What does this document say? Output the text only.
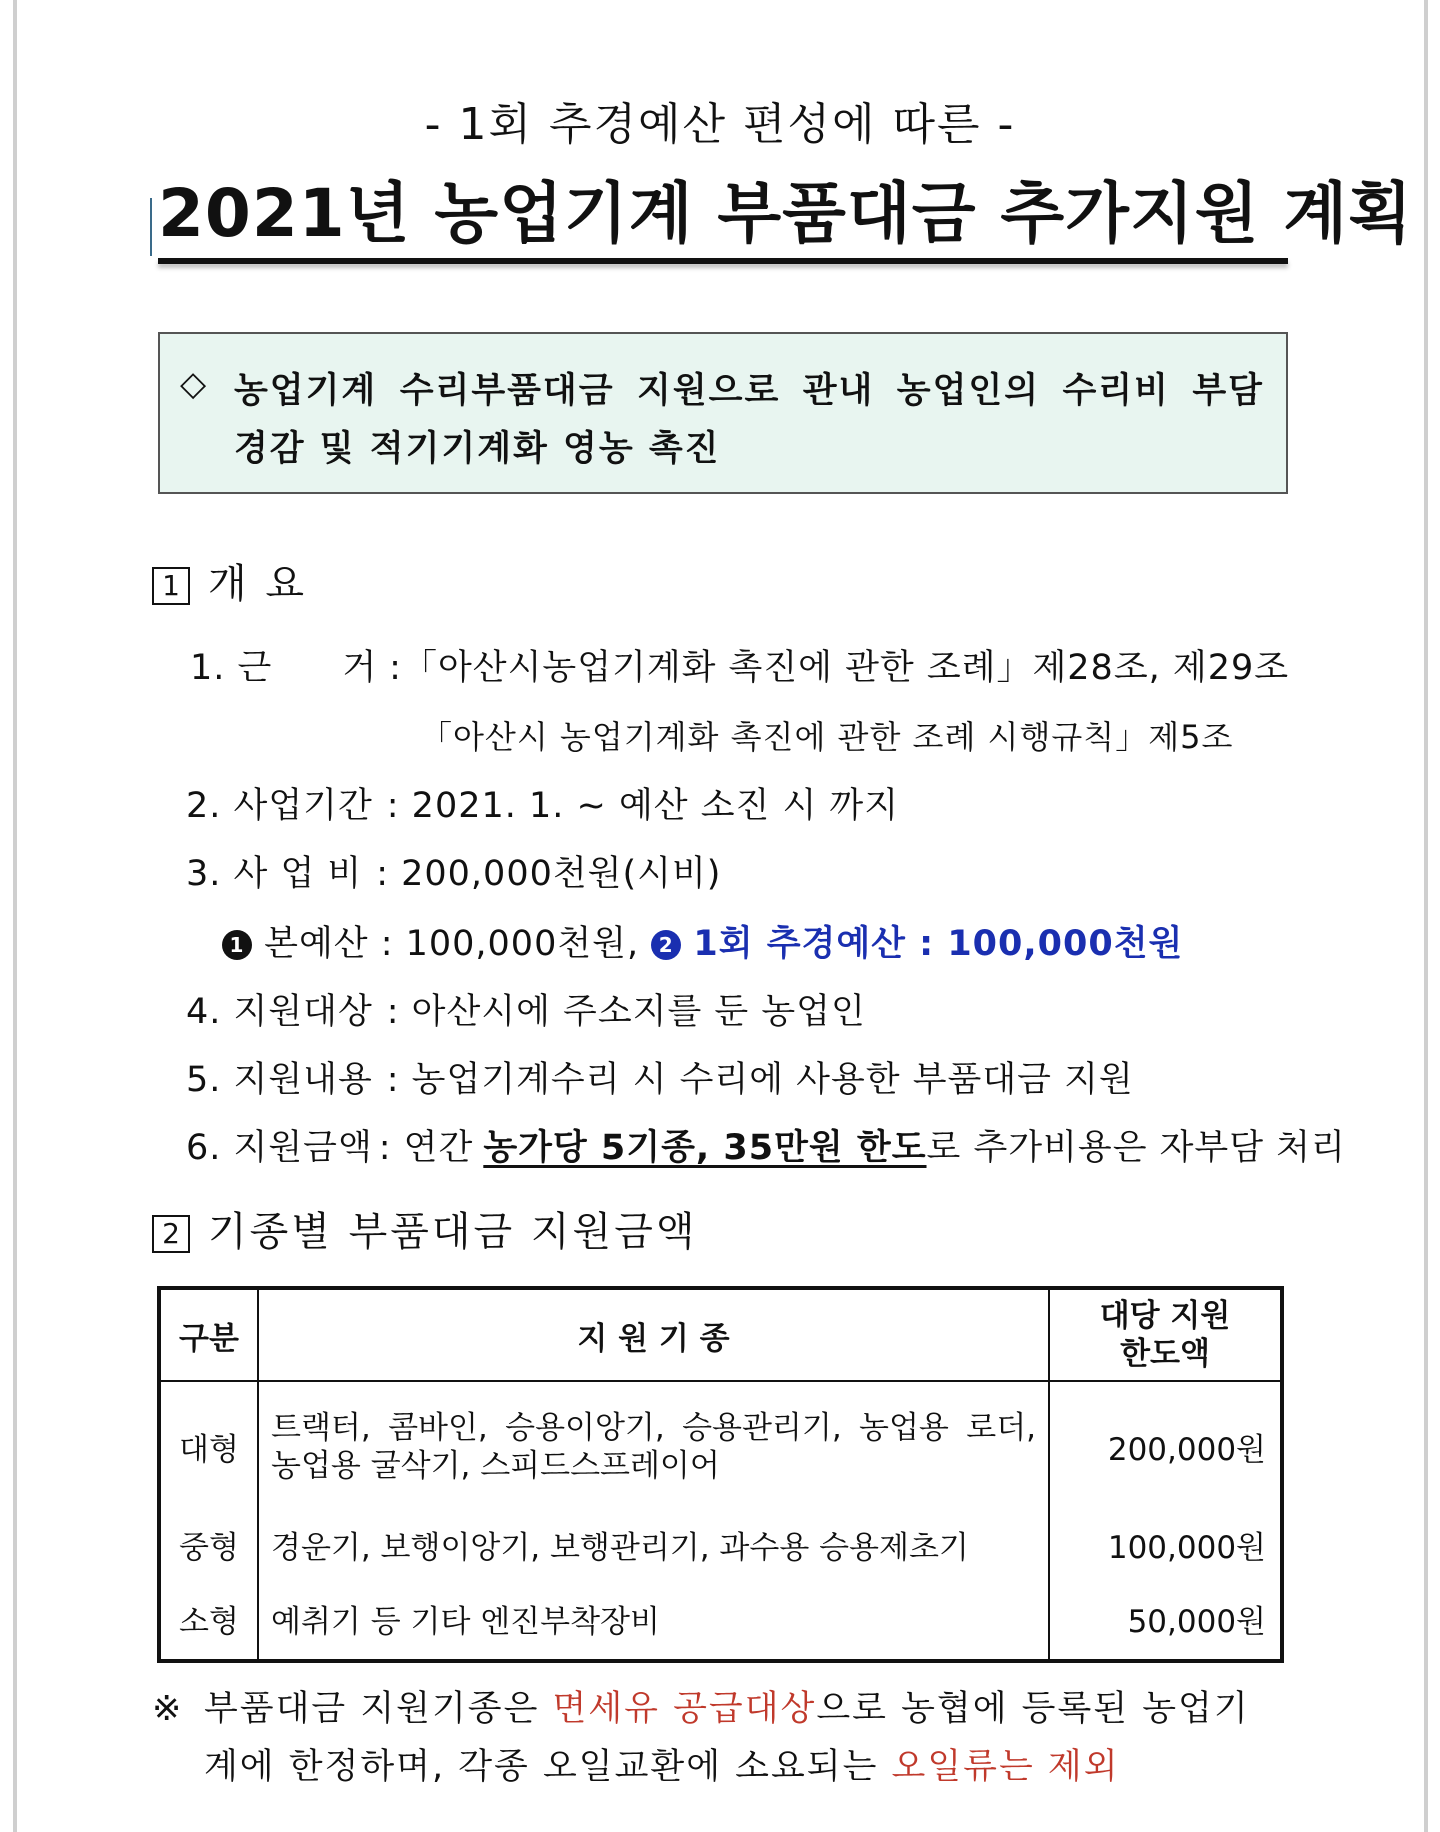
- 1회 추경예산 편성에 따른 -
2021년 농업기계 부품대금 추가지원 계획
◇ 농업기계 수리부품대금 지원으로 관내 농업인의 수리비 부담 경감 및 적기기계화 영농 촉진
1 개 요
1. 근 거 :「아산시농업기계화 촉진에 관한 조례」제28조, 제29조
「아산시 농업기계화 촉진에 관한 조례 시행규칙」제5조
2. 사업기간 : 2021. 1. ~ 예산 소진 시 까지
3. 사 업 비 : 200,000천원(시비)
1 본예산 : 100,000천원, 2 1회 추경예산 : 100,000천원
4. 지원대상 : 아산시에 주소지를 둔 농업인
5. 지원내용 : 농업기계수리 시 수리에 사용한 부품대금 지원
6. 지원금액 : 연간 농가당 5기종, 35만원 한도로 추가비용은 자부담 처리
2 기종별 부품대금 지원금액
구분	지 원 기 종	대당 지원 한도액
대형	트랙터, 콤바인, 승용이앙기, 승용관리기, 농업용 로더, 농업용 굴삭기, 스피드스프레이어	200,000원
중형	경운기, 보행이앙기, 보행관리기, 과수용 승용제초기	100,000원
소형	예취기 등 기타 엔진부착장비	50,000원
※ 부품대금 지원기종은 면세유 공급대상으로 농협에 등록된 농업기
계에 한정하며, 각종 오일교환에 소요되는 오일류는 제외
